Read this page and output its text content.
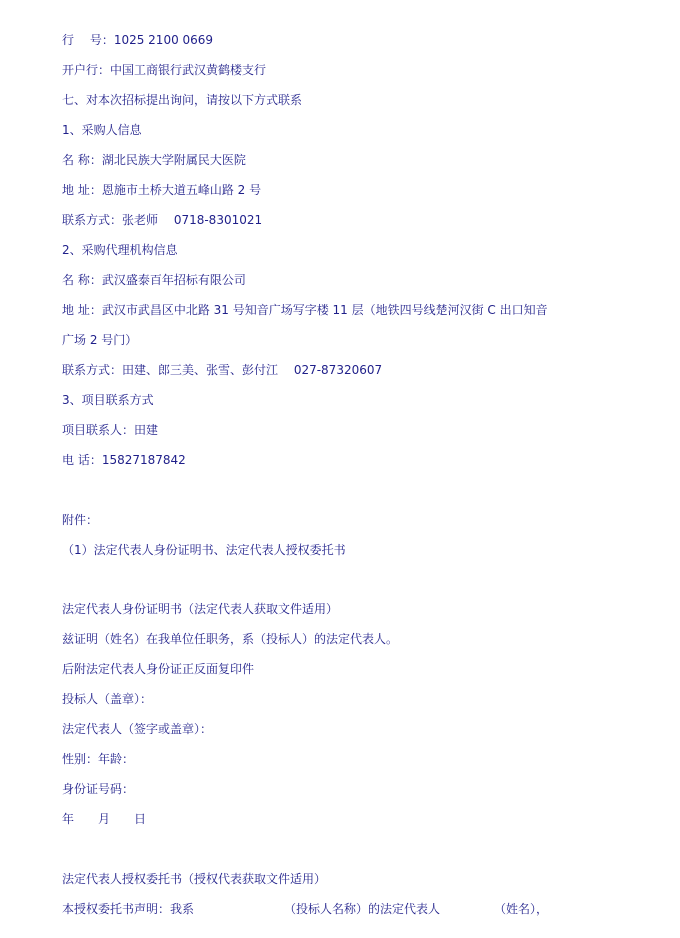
行　 号：1025 2100 0669
开户行：中国工商银行武汉黄鹤楼支行
七、对本次招标提出询问，请按以下方式联系
1、采购人信息
名 称：湖北民族大学附属民大医院
地 址：恩施市土桥大道五峰山路 2 号
联系方式：张老师　 0718-8301021
2、采购代理机构信息
名 称：武汉盛泰百年招标有限公司
地 址：武汉市武昌区中北路 31 号知音广场写字楼 11 层（地铁四号线楚河汉街 C 出口知音
广场 2 号门）
联系方式：田建、郎三美、张雪、彭付江　 027-87320607
3、项目联系方式
项目联系人：田建
电 话：15827187842
附件：
（1）法定代表人身份证明书、法定代表人授权委托书
法定代表人身份证明书（法定代表人获取文件适用）
兹证明（姓名）在我单位任职务，系（投标人）的法定代表人。
后附法定代表人身份证正反面复印件
投标人（盖章）：
法定代表人（签字或盖章）：
性别：年龄：
身份证号码：
年　　月　　日
法定代表人授权委托书（授权代表获取文件适用）
本授权委托书声明：我系　　　　　　　　（投标人名称）的法定代表人　　　　　（姓名），
